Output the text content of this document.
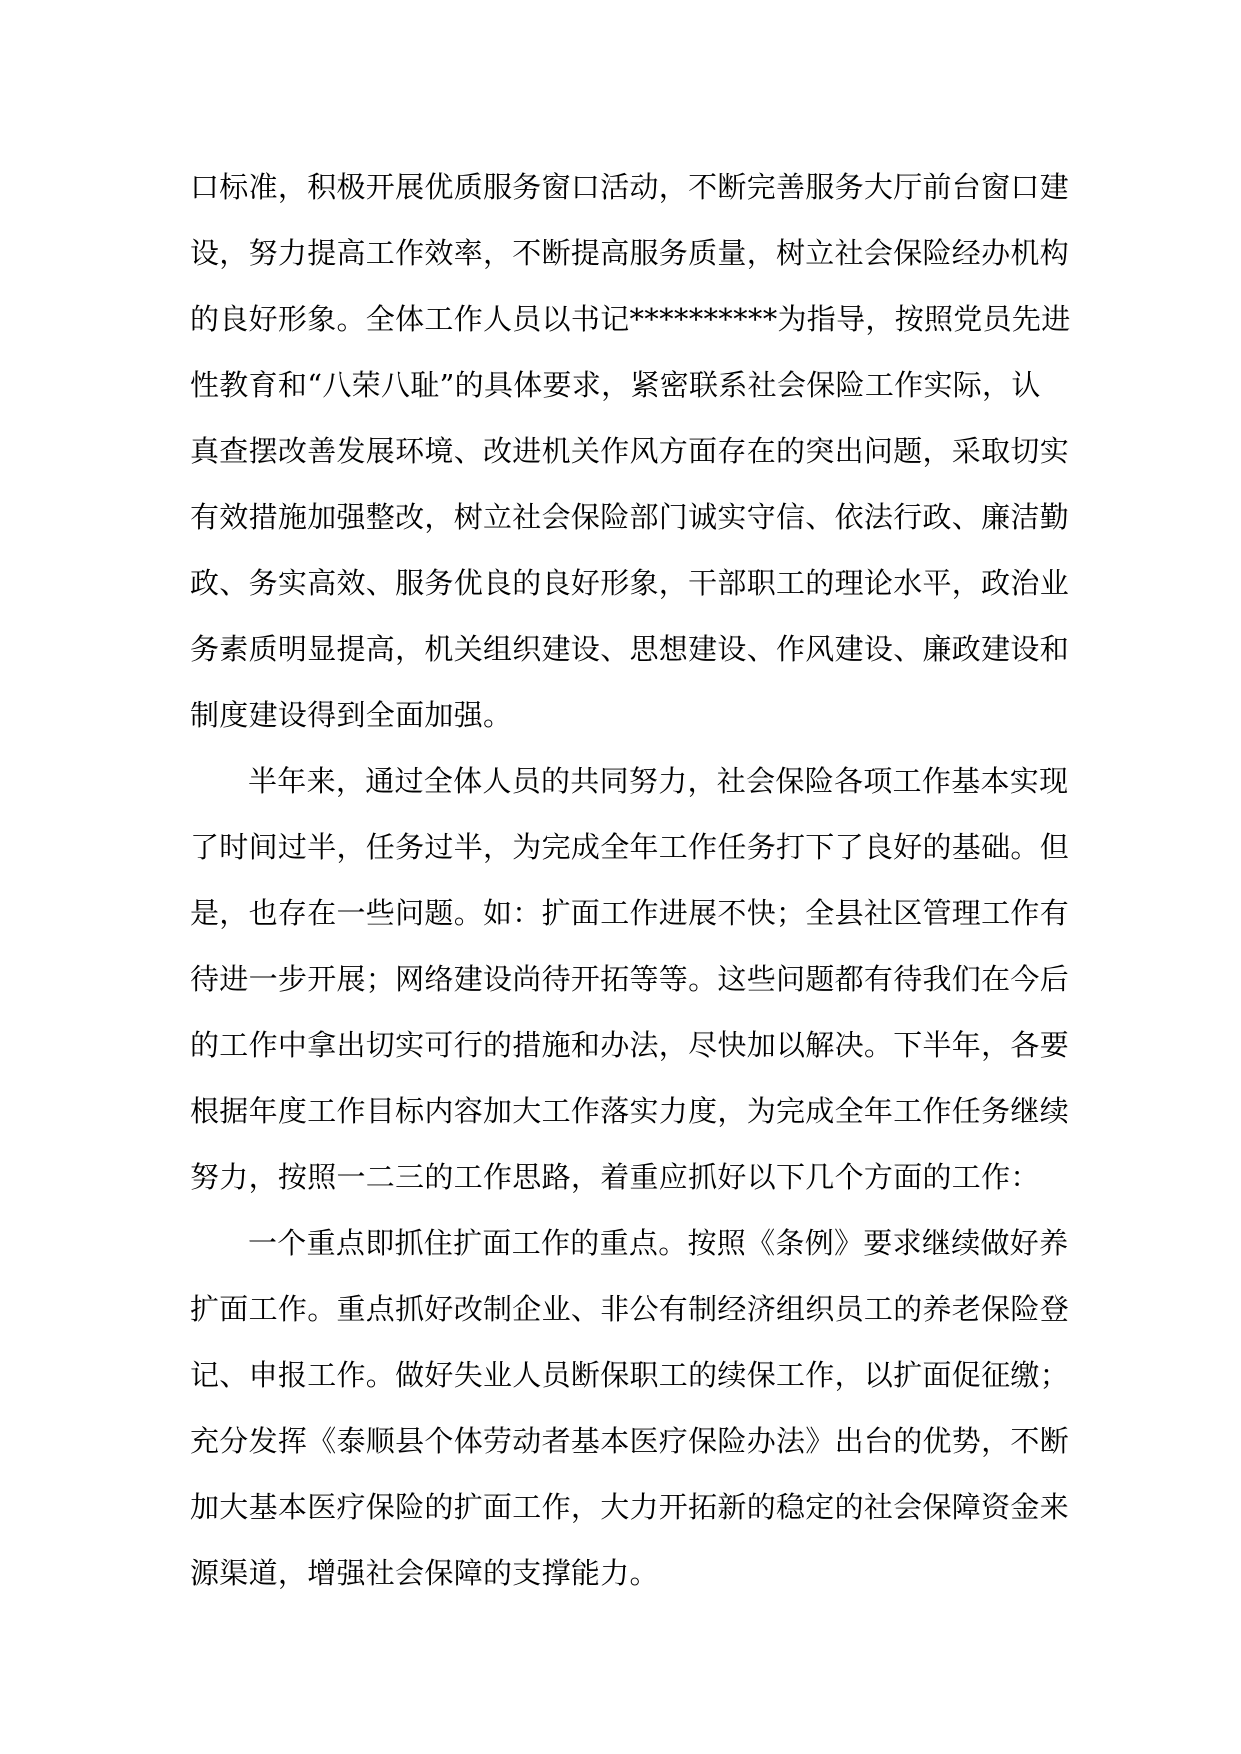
口标准，积极开展优质服务窗口活动，不断完善服务大厅前台窗口建
设，努力提高工作效率，不断提高服务质量，树立社会保险经办机构
的良好形象。全体工作人员以书记**********为指导，按照党员先进
性教育和“八荣八耻”的具体要求，紧密联系社会保险工作实际，认
真查摆改善发展环境、改进机关作风方面存在的突出问题，采取切实
有效措施加强整改，树立社会保险部门诚实守信、依法行政、廉洁勤
政、务实高效、服务优良的良好形象，干部职工的理论水平，政治业
务素质明显提高，机关组织建设、思想建设、作风建设、廉政建设和
制度建设得到全面加强。
半年来，通过全体人员的共同努力，社会保险各项工作基本实现
了时间过半，任务过半，为完成全年工作任务打下了良好的基础。但
是，也存在一些问题。如：扩面工作进展不快；全县社区管理工作有
待进一步开展；网络建设尚待开拓等等。这些问题都有待我们在今后
的工作中拿出切实可行的措施和办法，尽快加以解决。下半年，各要
根据年度工作目标内容加大工作落实力度，为完成全年工作任务继续
努力，按照一二三的工作思路，着重应抓好以下几个方面的工作：
一个重点即抓住扩面工作的重点。按照《条例》要求继续做好养
扩面工作。重点抓好改制企业、非公有制经济组织员工的养老保险登
记、申报工作。做好失业人员断保职工的续保工作，以扩面促征缴；
充分发挥《泰顺县个体劳动者基本医疗保险办法》出台的优势，不断
加大基本医疗保险的扩面工作，大力开拓新的稳定的社会保障资金来
源渠道，增强社会保障的支撑能力。
